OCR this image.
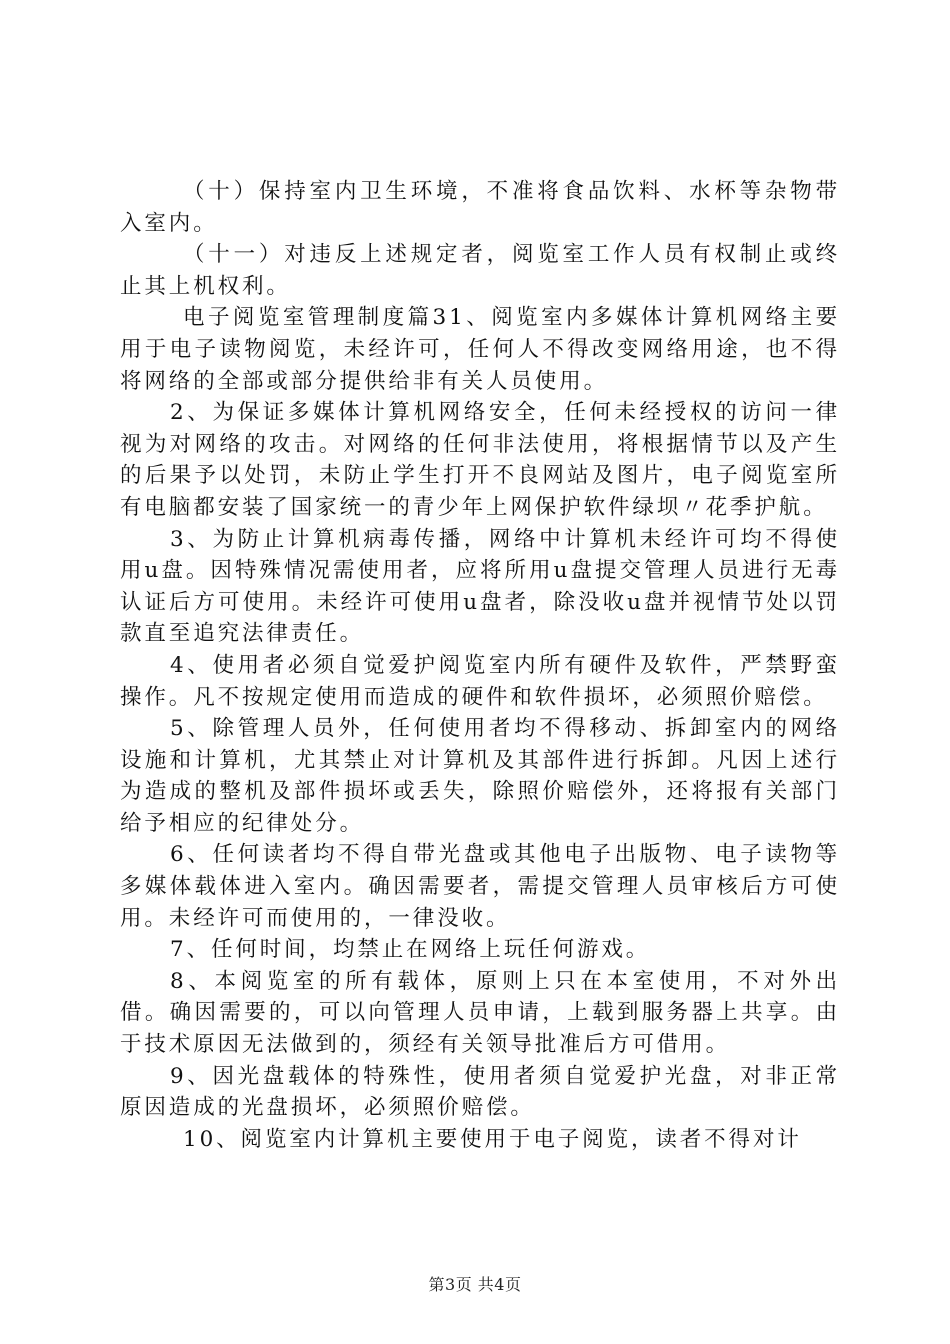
（十）保持室内卫生环境，不准将食品饮料、水杯等杂物带入室内。

（十一）对违反上述规定者，阅览室工作人员有权制止或终止其上机权利。

电子阅览室管理制度篇31、阅览室内多媒体计算机网络主要用于电子读物阅览，未经许可，任何人不得改变网络用途，也不得将网络的全部或部分提供给非有关人员使用。

2、为保证多媒体计算机网络安全，任何未经授权的访问一律视为对网络的攻击。对网络的任何非法使用，将根据情节以及产生的后果予以处罚，未防止学生打开不良网站及图片，电子阅览室所有电脑都安装了国家统一的青少年上网保护软件绿坝〃花季护航。

3、为防止计算机病毒传播，网络中计算机未经许可均不得使用u盘。因特殊情况需使用者，应将所用u盘提交管理人员进行无毒认证后方可使用。未经许可使用u盘者，除没收u盘并视情节处以罚款直至追究法律责任。

4、使用者必须自觉爱护阅览室内所有硬件及软件，严禁野蛮操作。凡不按规定使用而造成的硬件和软件损坏，必须照价赔偿。

5、除管理人员外，任何使用者均不得移动、拆卸室内的网络设施和计算机，尤其禁止对计算机及其部件进行拆卸。凡因上述行为造成的整机及部件损坏或丢失，除照价赔偿外，还将报有关部门给予相应的纪律处分。

6、任何读者均不得自带光盘或其他电子出版物、电子读物等多媒体载体进入室内。确因需要者，需提交管理人员审核后方可使用。未经许可而使用的，一律没收。

7、任何时间，均禁止在网络上玩任何游戏。

8、本阅览室的所有载体，原则上只在本室使用，不对外出借。确因需要的，可以向管理人员申请，上载到服务器上共享。由于技术原因无法做到的，须经有关领导批准后方可借用。

9、因光盘载体的特殊性，使用者须自觉爱护光盘，对非正常原因造成的光盘损坏，必须照价赔偿。

10、阅览室内计算机主要使用于电子阅览，读者不得对计

第3页 共4页
